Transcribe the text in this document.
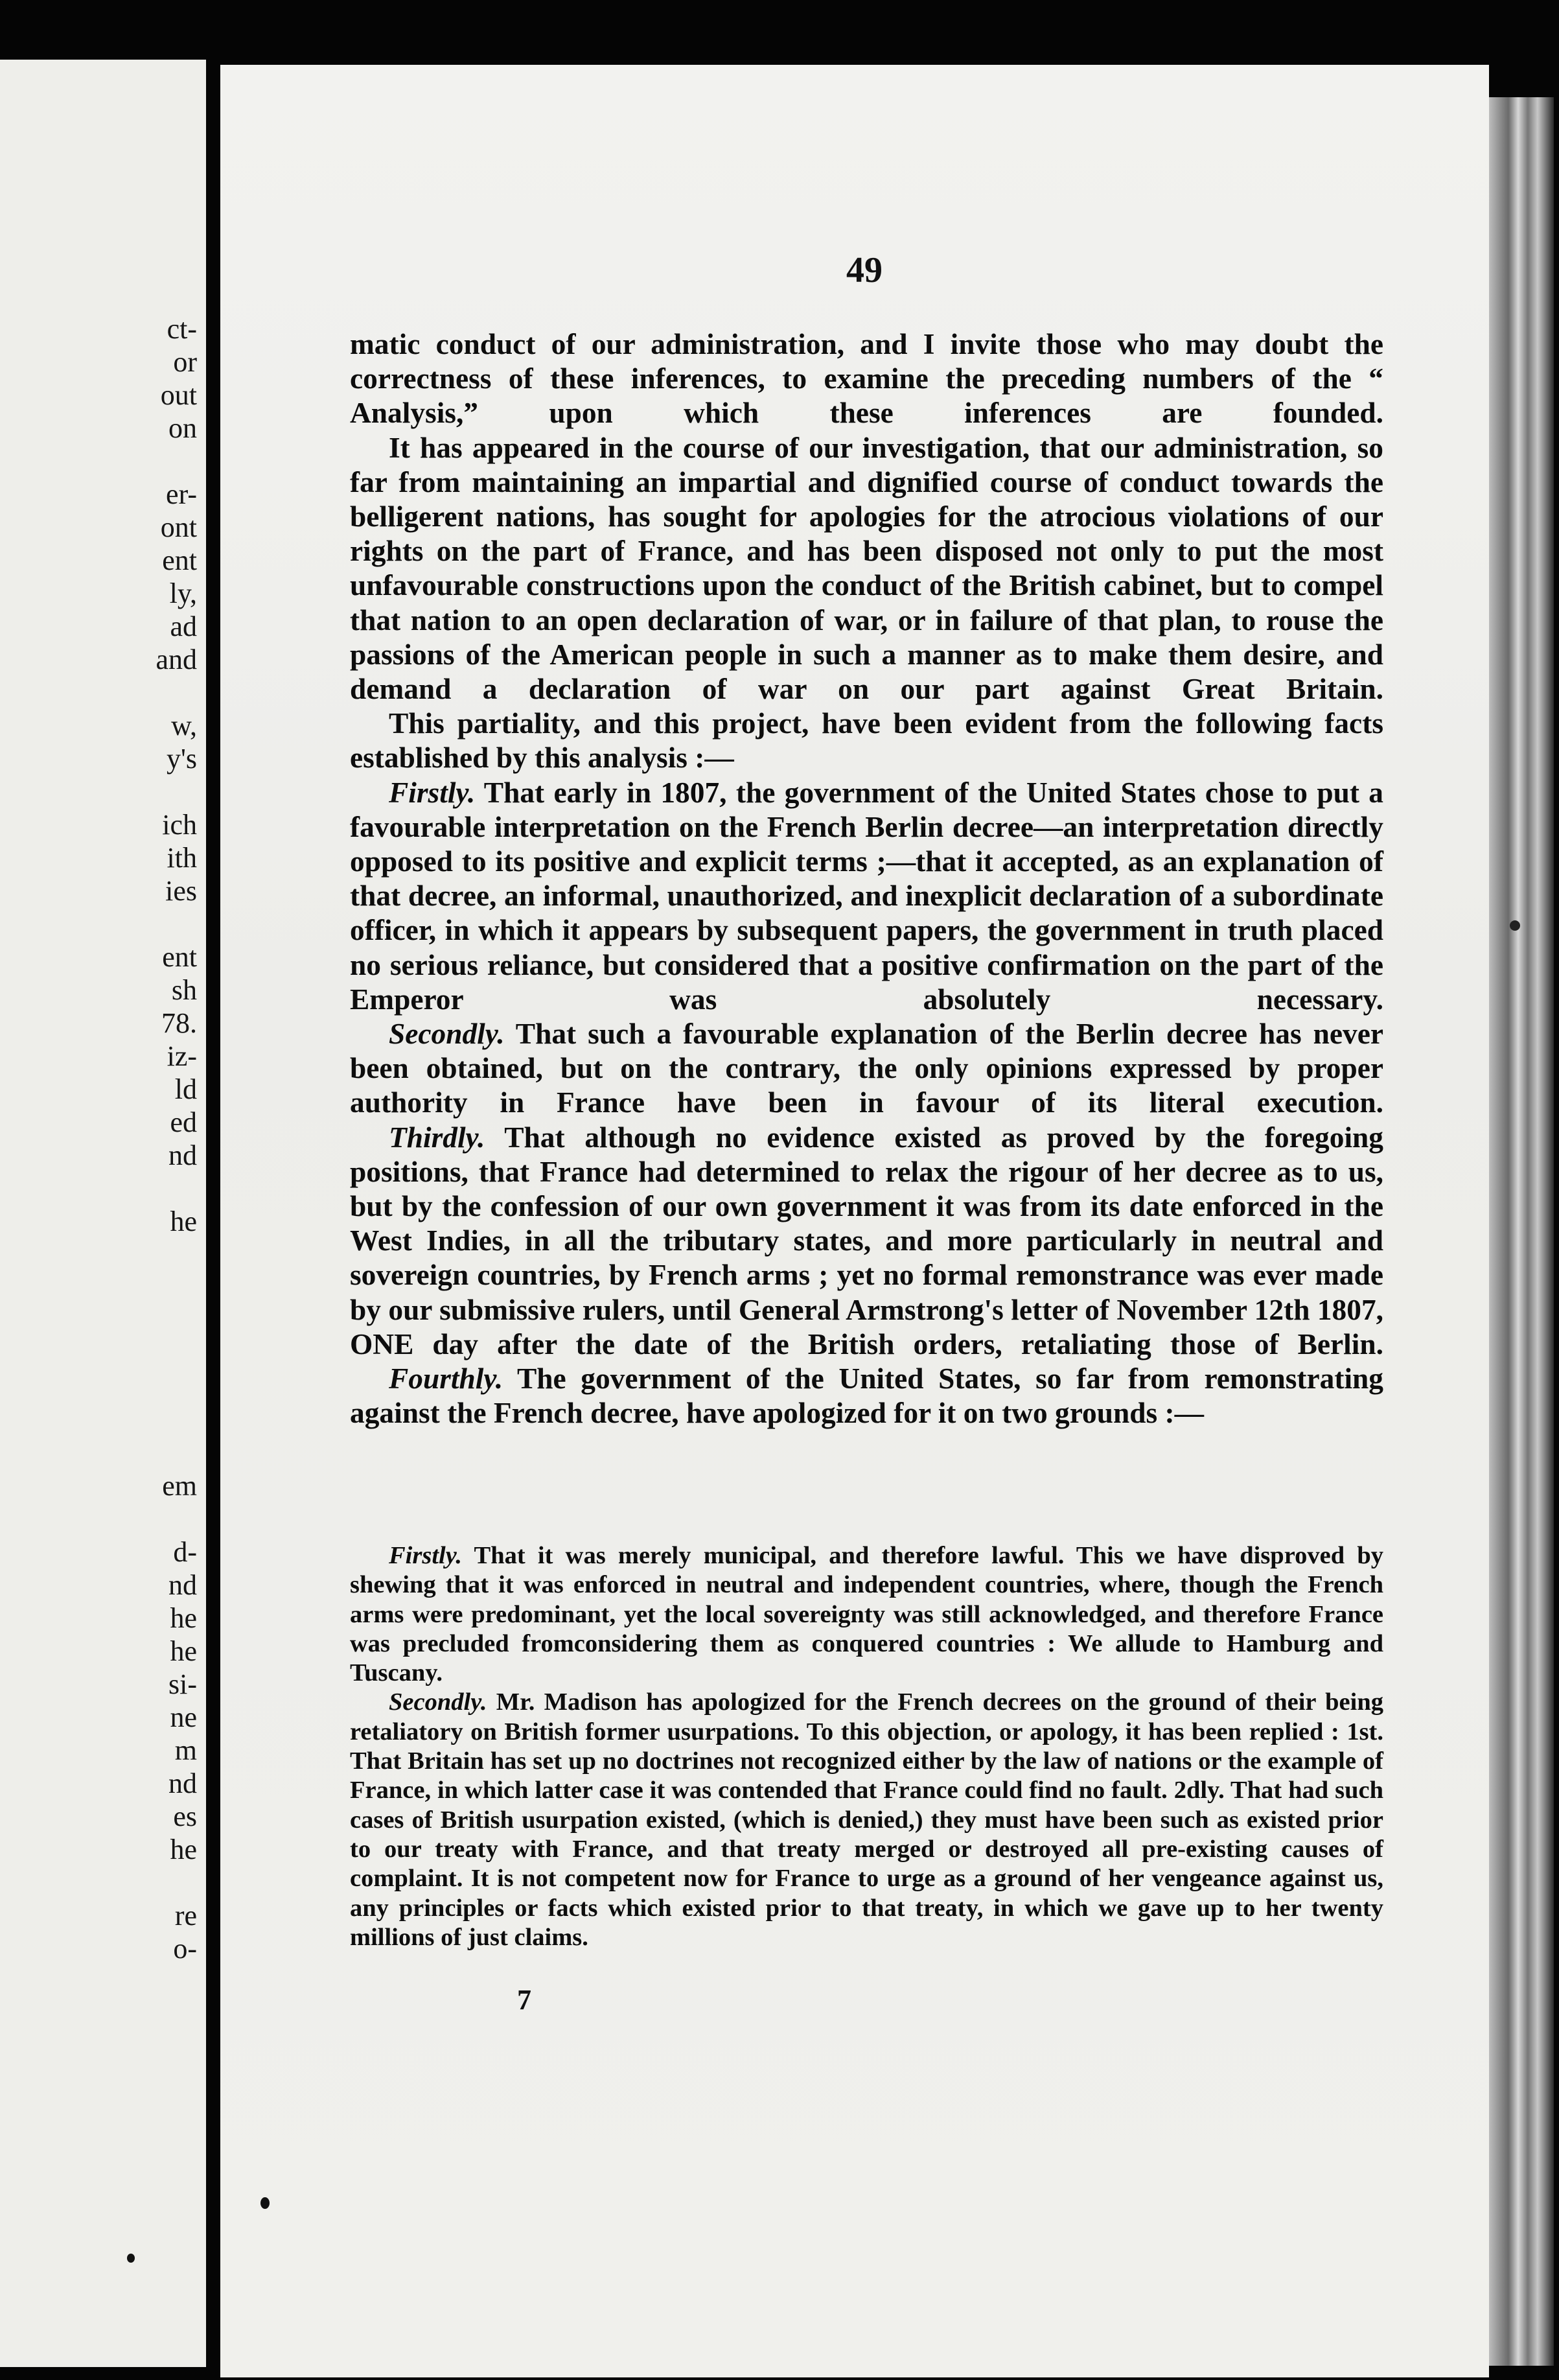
ct-
or
out
on

er-
ont
ent
ly,
ad
and

w,
y's

ich
ith
ies

ent
sh
78.
iz-
ld
ed
nd

he

em

d-
nd
he
he
si-
ne
m
nd
es
he

re
o-
49

matic conduct of our administration, and I invite those who may doubt the correctness of these inferences, to examine the preceding numbers of the “ Analysis,” upon which these inferences are founded.

It has appeared in the course of our investigation, that our administration, so far from maintaining an impartial and dignified course of conduct towards the belligerent nations, has sought for apologies for the atrocious violations of our rights on the part of France, and has been disposed not only to put the most unfavourable constructions upon the conduct of the British cabinet, but to compel that nation to an open declaration of war, or in failure of that plan, to rouse the passions of the American people in such a manner as to make them desire, and demand a declaration of war on our part against Great Britain.

This partiality, and this project, have been evident from the following facts established by this analysis :—

Firstly. That early in 1807, the government of the United States chose to put a favourable interpretation on the French Berlin decree—an interpretation directly opposed to its positive and explicit terms ;—that it accepted, as an explanation of that decree, an informal, unauthorized, and inexplicit declaration of a subordinate officer, in which it appears by subsequent papers, the government in truth placed no serious reliance, but considered that a positive confirmation on the part of the Emperor was absolutely necessary.

Secondly. That such a favourable explanation of the Berlin decree has never been obtained, but on the contrary, the only opinions expressed by proper authority in France have been in favour of its literal execution.

Thirdly. That although no evidence existed as proved by the foregoing positions, that France had determined to relax the rigour of her decree as to us, but by the confession of our own government it was from its date enforced in the West Indies, in all the tributary states, and more particularly in neutral and sovereign countries, by French arms ; yet no formal remonstrance was ever made by our submissive rulers, until General Armstrong's letter of November 12th 1807, ONE day after the date of the British orders, retaliating those of Berlin.

Fourthly. The government of the United States, so far from remonstrating against the French decree, have apologized for it on two grounds :—

Firstly. That it was merely municipal, and therefore lawful. This we have disproved by shewing that it was enforced in neutral and independent countries, where, though the French arms were predominant, yet the local sovereignty was still acknowledged, and therefore France was precluded fromconsidering them as conquered countries : We allude to Hamburg and Tuscany.

Secondly. Mr. Madison has apologized for the French decrees on the ground of their being retaliatory on British former usurpations. To this objection, or apology, it has been replied : 1st. That Britain has set up no doctrines not recognized either by the law of nations or the example of France, in which latter case it was contended that France could find no fault. 2dly. That had such cases of British usurpation existed, (which is denied,) they must have been such as existed prior to our treaty with France, and that treaty merged or destroyed all pre-existing causes of complaint. It is not competent now for France to urge as a ground of her vengeance against us, any principles or facts which existed prior to that treaty, in which we gave up to her twenty millions of just claims.

7
